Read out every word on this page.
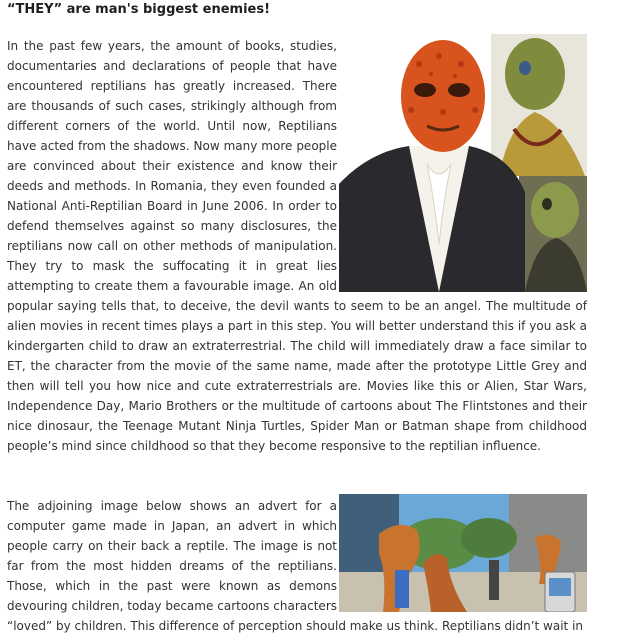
“THEY” are man's biggest enemies!

In the past few years, the amount of books, studies, documentaries and declarations of people that have encountered reptilians has greatly increased. There are thousands of such cases, strikingly although from different corners of the world. Until now, Reptilians have acted from the shadows. Now many more people are convinced about their existence and know their deeds and methods. In Romania, they even founded a National Anti-Reptilian Board in June 2006. In order to defend themselves against so many disclosures, the reptilians now call on other methods of manipulation. They try to mask the suffocating it in great lies attempting to create them a favourable image. An old popular saying tells that, to deceive, the devil wants to seem to be an angel. The multitude of alien movies in recent times plays a part in this step. You will better understand this if you ask a kindergarten child to draw an extraterrestrial. The child will immediately draw a face similar to ET, the character from the movie of the same name, made after the prototype Little Grey and then will tell you how nice and cute extraterrestrials are. Movies like this or Alien, Star Wars, Independence Day, Mario Brothers or the multitude of cartoons about The Flintstones and their nice dinosaur, the Teenage Mutant Ninja Turtles, Spider Man or Batman shape from childhood people’s mind since childhood so that they become responsive to the reptilian influence.

The adjoining image below shows an advert for a computer game made in Japan, an advert in which people carry on their back a reptile. The image is not far from the most hidden dreams of the reptilians. Those, which in the past were known as demons devouring children, today became cartoons characters “loved” by children. This difference of perception should make us think. Reptilians didn’t wait in
